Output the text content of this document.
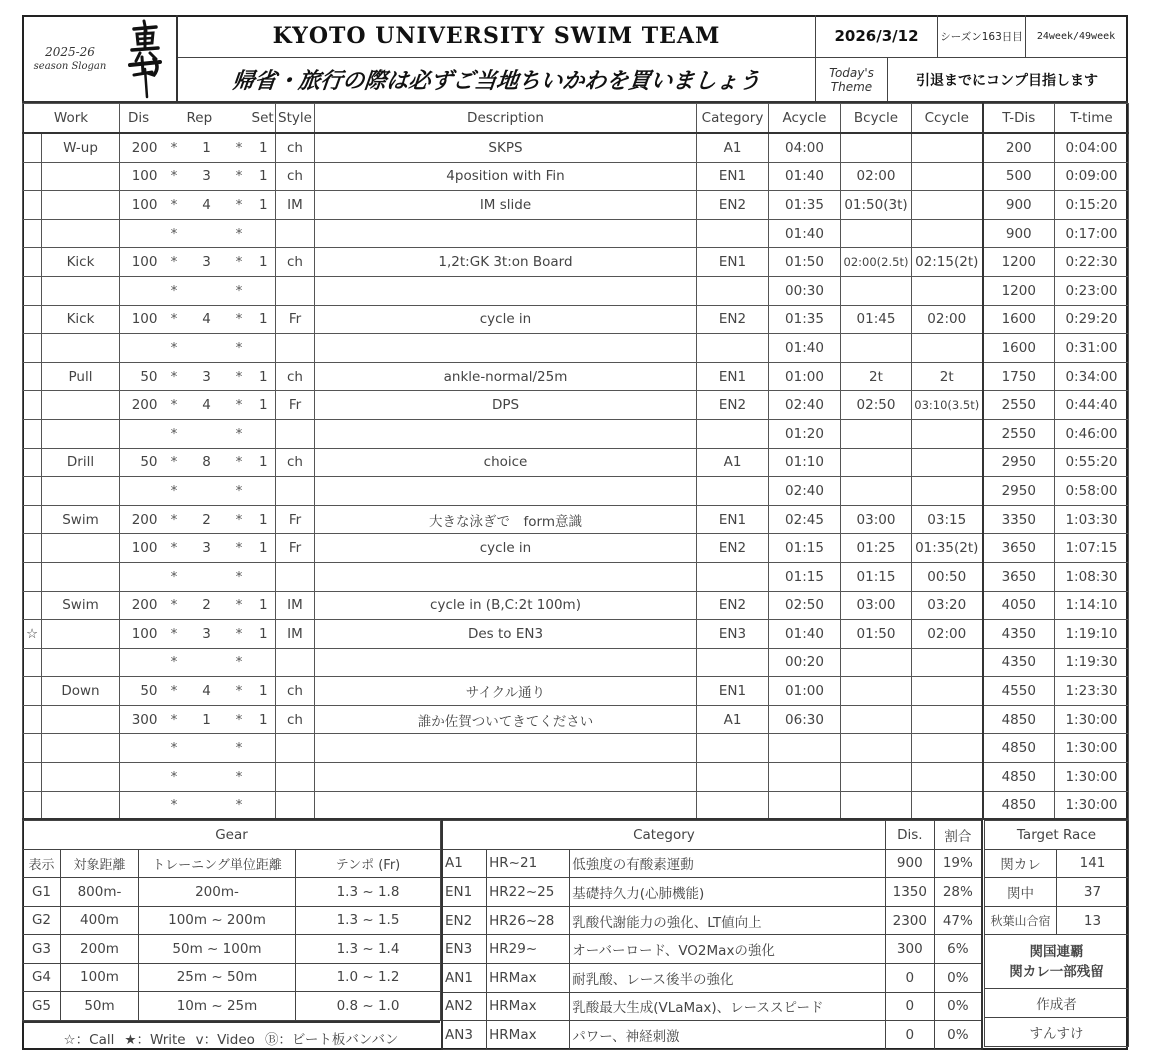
2025-26
season Slogan
KYOTO UNIVERSITY SWIM TEAM
帰省・旅行の際は必ずご当地ちいかわを買いましょう
2026/3/12	シーズン163日目	24week/49week
Today's
Theme	引退までにコンプ目指します
Work		Dis		Rep		Set	Style	Description	Category	Acycle	Bcycle	Ccycle	T-Dis	T-time
	W-up	200	*	1	*	1	ch	SKPS	A1	04:00			200	0:04:00
		100	*	3	*	1	ch	4position with Fin	EN1	01:40	02:00		500	0:09:00
		100	*	4	*	1	IM	IM slide	EN2	01:35	01:50(3t)		900	0:15:20
			*		*					01:40			900	0:17:00
	Kick	100	*	3	*	1	ch	1,2t:GK 3t:on Board	EN1	01:50	02:00(2.5t)	02:15(2t)	1200	0:22:30
			*		*					00:30			1200	0:23:00
	Kick	100	*	4	*	1	Fr	cycle in	EN2	01:35	01:45	02:00	1600	0:29:20
			*		*					01:40			1600	0:31:00
	Pull	50	*	3	*	1	ch	ankle-normal/25m	EN1	01:00	2t	2t	1750	0:34:00
		200	*	4	*	1	Fr	DPS	EN2	02:40	02:50	03:10(3.5t)	2550	0:44:40
			*		*					01:20			2550	0:46:00
	Drill	50	*	8	*	1	ch	choice	A1	01:10			2950	0:55:20
			*		*					02:40			2950	0:58:00
	Swim	200	*	2	*	1	Fr	大きな泳ぎで　form意識	EN1	02:45	03:00	03:15	3350	1:03:30
		100	*	3	*	1	Fr	cycle in	EN2	01:15	01:25	01:35(2t)	3650	1:07:15
			*		*					01:15	01:15	00:50	3650	1:08:30
	Swim	200	*	2	*	1	IM	cycle in (B,C:2t 100m)	EN2	02:50	03:00	03:20	4050	1:14:10
☆		100	*	3	*	1	IM	Des to EN3	EN3	01:40	01:50	02:00	4350	1:19:10
			*		*					00:20			4350	1:19:30
	Down	50	*	4	*	1	ch	サイクル通り	EN1	01:00			4550	1:23:30
		300	*	1	*	1	ch	誰か佐賀ついてきてください	A1	06:30			4850	1:30:00
			*		*								4850	1:30:00
			*		*								4850	1:30:00
			*		*								4850	1:30:00
Gear			
表示	対象距離	トレーニング単位距離	テンポ (Fr)
G1	800m-	200m-	1.3 ~ 1.8
G2	400m	100m ~ 200m	1.3 ~ 1.5
G3	200m	50m ~ 100m	1.3 ~ 1.4
G4	100m	25m ~ 50m	1.0 ~ 1.2
G5	50m	10m ~ 25m	0.8 ~ 1.0
☆：Call ★：Write v：Video Ⓑ：ビート板バンバン
Category			Dis.	割合
A1	HR~21	低強度の有酸素運動	900	19%
EN1	HR22~25	基礎持久力(心肺機能)	1350	28%
EN2	HR26~28	乳酸代謝能力の強化、LT値向上	2300	47%
EN3	HR29~	オーバーロード、VO2Maxの強化	300	6%
AN1	HRMax	耐乳酸、レース後半の強化	0	0%
AN2	HRMax	乳酸最大生成(VLaMax)、レーススピード	0	0%
AN3	HRMax	パワー、神経刺激	0	0%
Target Race	
関カレ	141
関中	37
秋葉山合宿	13

関国連覇
関カレ一部残留	

作成者	
すんすけ	
